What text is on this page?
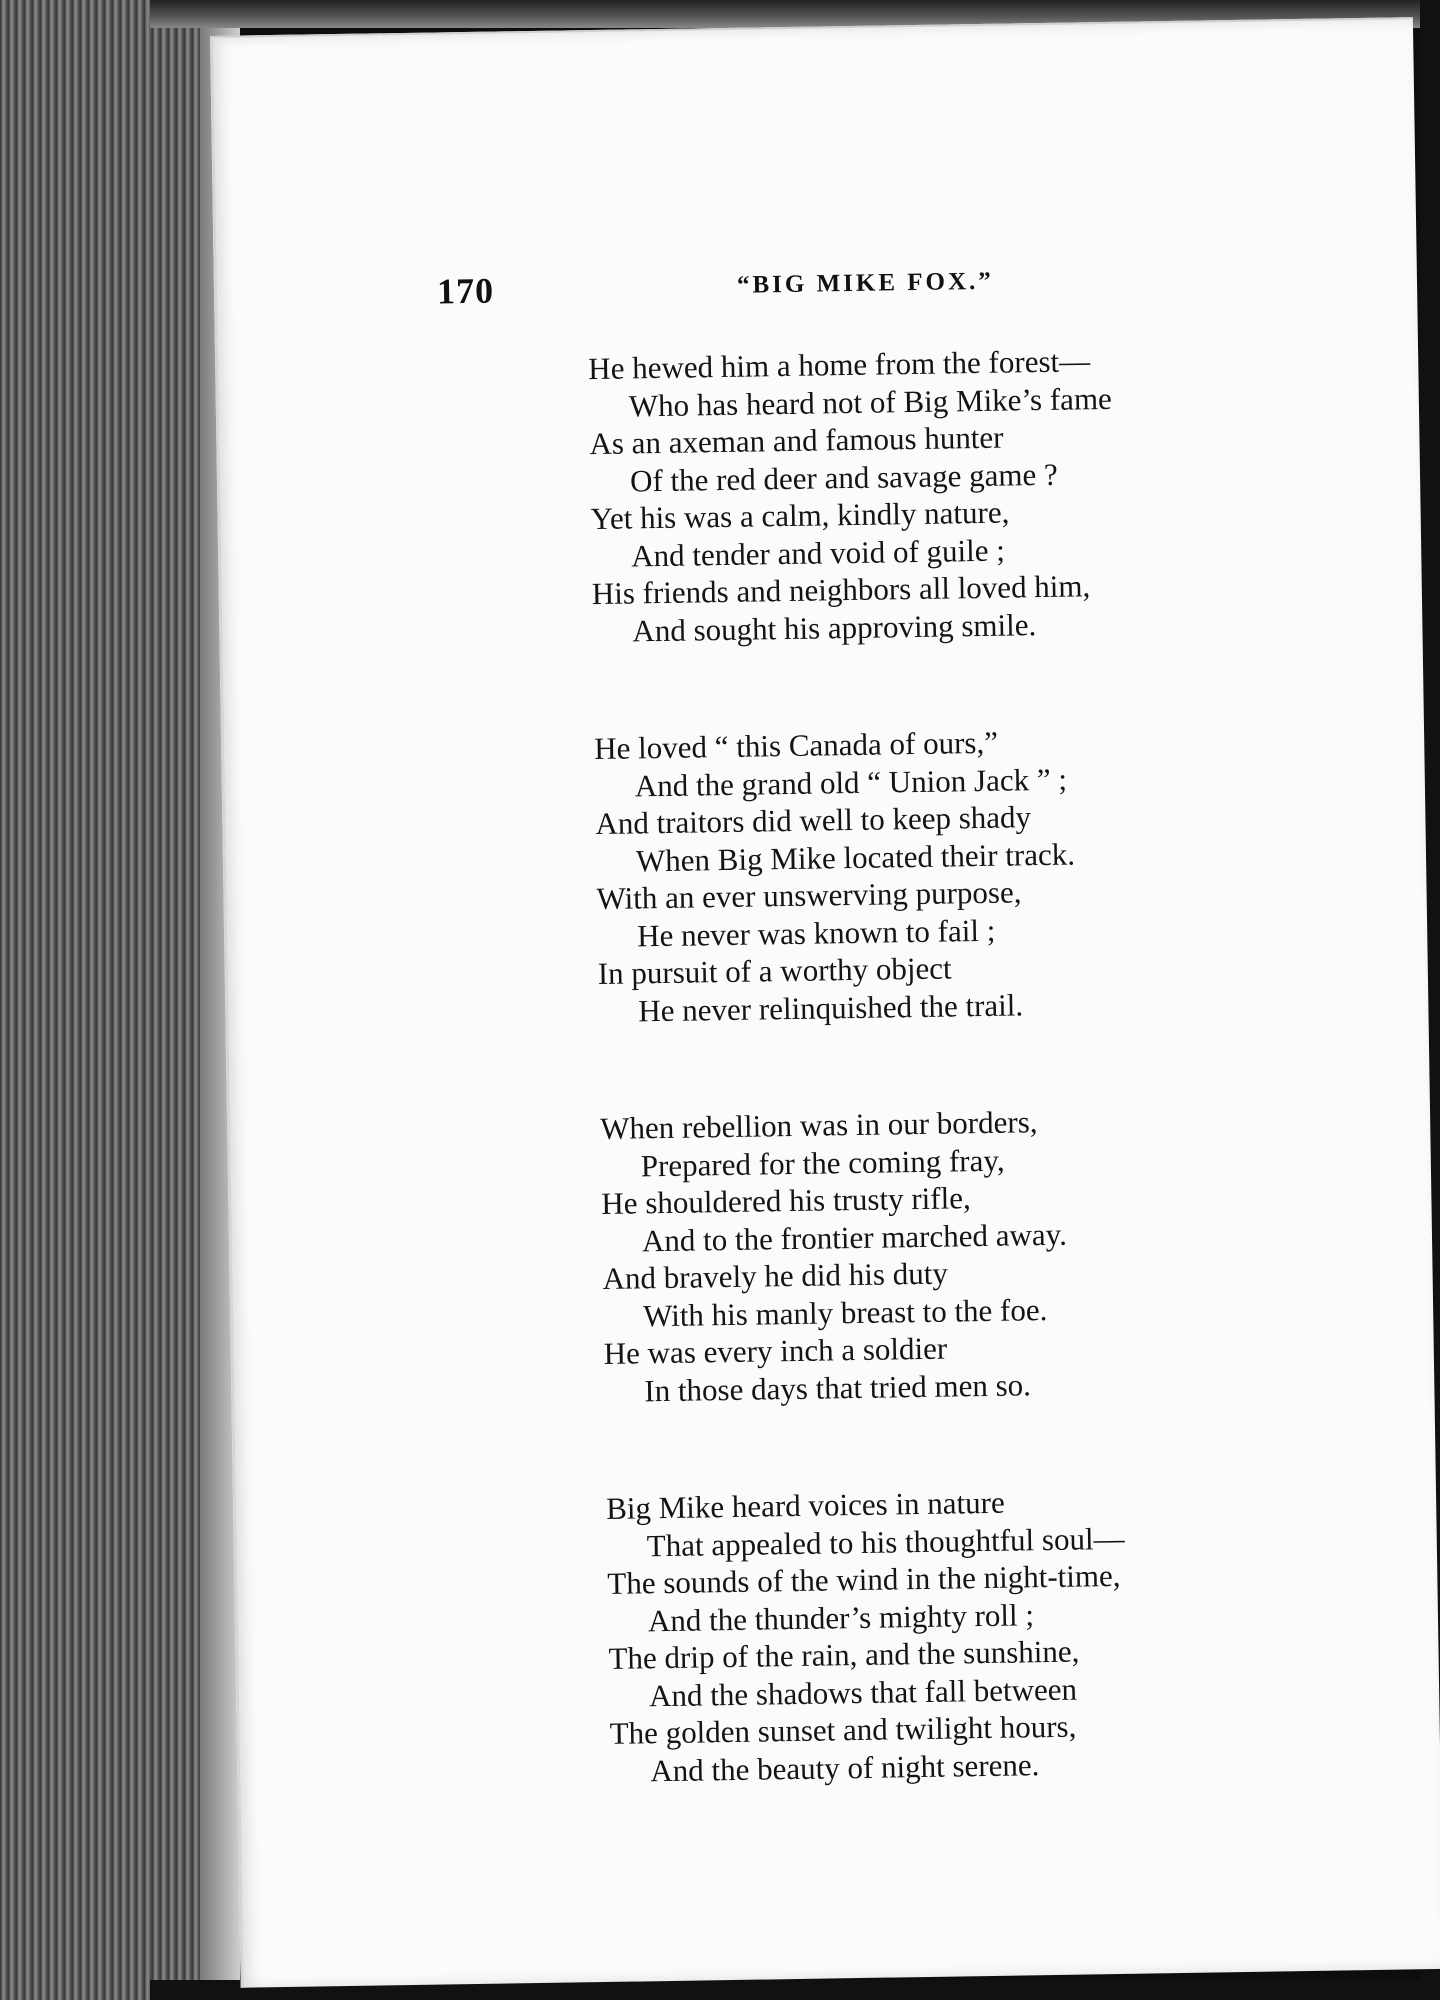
170	“BIG MIKE FOX.”
He hewed him a home from the forest—
Who has heard not of Big Mike’s fame
As an axeman and famous hunter
Of the red deer and savage game ?
Yet his was a calm, kindly nature,
And tender and void of guile ;
His friends and neighbors all loved him,
And sought his approving smile.
He loved “ this Canada of ours,”
And the grand old “ Union Jack ” ;
And traitors did well to keep shady
When Big Mike located their track.
With an ever unswerving purpose,
He never was known to fail ;
In pursuit of a worthy object
He never relinquished the trail.
When rebellion was in our borders,
Prepared for the coming fray,
He shouldered his trusty rifle,
And to the frontier marched away.
And bravely he did his duty
With his manly breast to the foe.
He was every inch a soldier
In those days that tried men so.
Big Mike heard voices in nature
That appealed to his thoughtful soul—
The sounds of the wind in the night-time,
And the thunder’s mighty roll ;
The drip of the rain, and the sunshine,
And the shadows that fall between
The golden sunset and twilight hours,
And the beauty of night serene.
